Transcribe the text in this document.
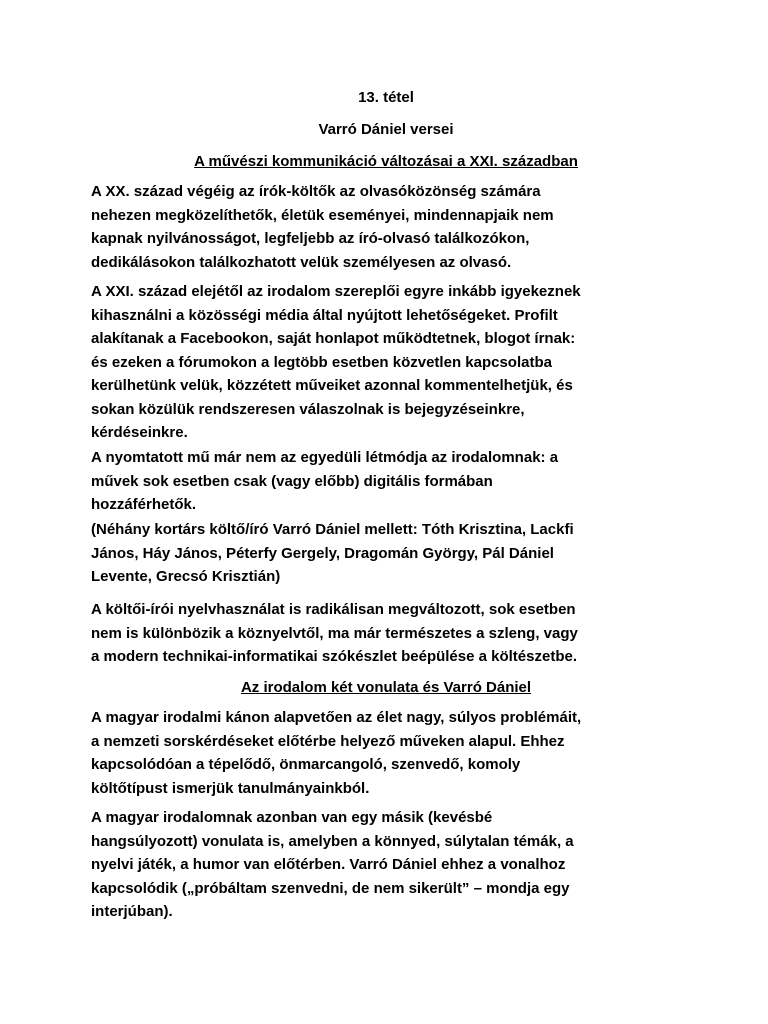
13. tétel
Varró Dániel versei
A művészi kommunikáció változásai a XXI. században
A XX. század végéig az írók-költők az olvasóközönség számára
nehezen megközelíthetők, életük eseményei, mindennapjaik nem
kapnak nyilvánosságot, legfeljebb az író-olvasó találkozókon,
dedikálásokon találkozhatott velük személyesen az olvasó.
A XXI. század elejétől az irodalom szereplői egyre inkább igyekeznek
kihasználni a közösségi média által nyújtott lehetőségeket. Profilt
alakítanak a Facebookon, saját honlapot működtetnek, blogot írnak:
és ezeken a fórumokon a legtöbb esetben közvetlen kapcsolatba
kerülhetünk velük, közzétett műveiket azonnal kommentelhetjük, és
sokan közülük rendszeresen válaszolnak is bejegyzéseinkre,
kérdéseinkre.
A nyomtatott mű már nem az egyedüli létmódja az irodalomnak: a
művek sok esetben csak (vagy előbb) digitális formában
hozzáférhetők.
(Néhány kortárs költő/író Varró Dániel mellett: Tóth Krisztina, Lackfi
János, Háy János, Péterfy Gergely, Dragomán György, Pál Dániel
Levente, Grecsó Krisztián)
A költői-írói nyelvhasználat is radikálisan megváltozott, sok esetben
nem is különbözik a köznyelvtől, ma már természetes a szleng, vagy
a modern technikai-informatikai szókészlet beépülése a költészetbe.
Az irodalom két vonulata és Varró Dániel
A magyar irodalmi kánon alapvetően az élet nagy, súlyos problémáit,
a nemzeti sorskérdéseket előtérbe helyező műveken alapul. Ehhez
kapcsolódóan a tépelődő, önmarcangoló, szenvedő, komoly
költőtípust ismerjük tanulmányainkból.
A magyar irodalomnak azonban van egy másik (kevésbé
hangsúlyozott) vonulata is, amelyben a könnyed, súlytalan témák, a
nyelvi játék, a humor van előtérben. Varró Dániel ehhez a vonalhoz
kapcsolódik („próbáltam szenvedni, de nem sikerült” – mondja egy
interjúban).
